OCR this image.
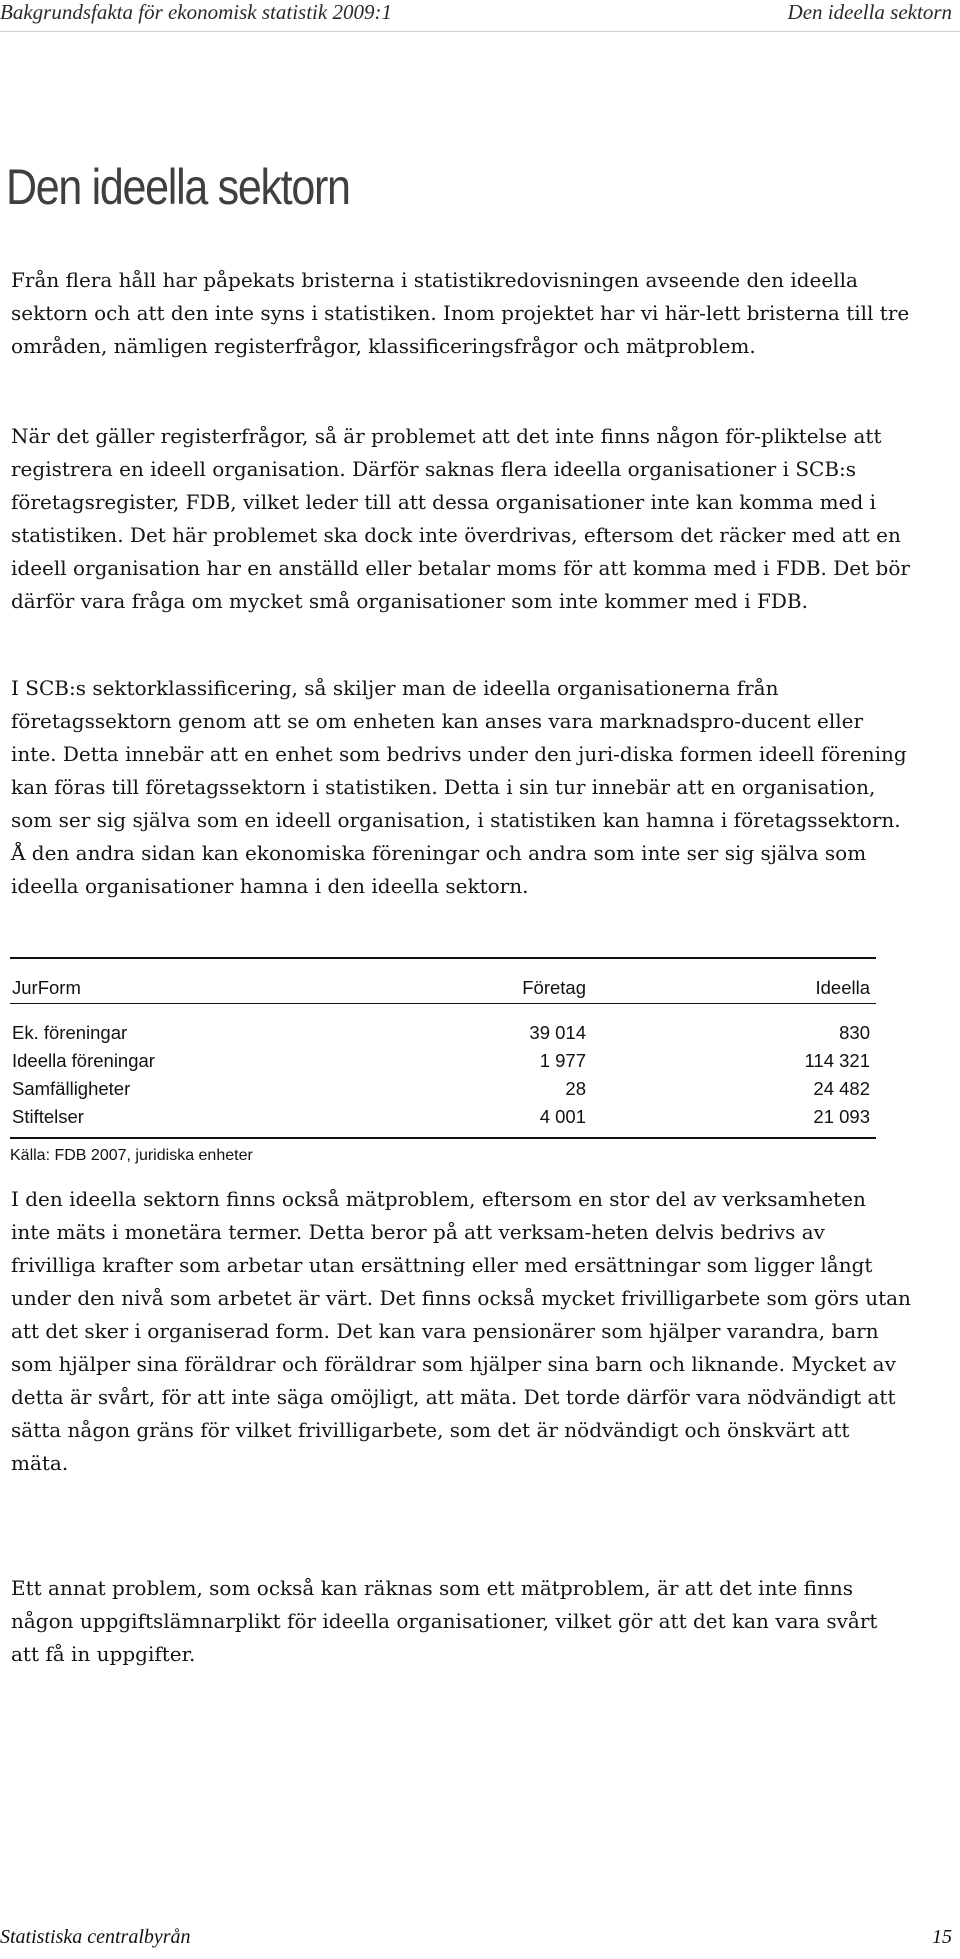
Bakgrundsfakta för ekonomisk statistik 2009:1	Den ideella sektorn
Den ideella sektorn

Från flera håll har påpekats bristerna i statistikredovisningen avseende den ideella sektorn och att den inte syns i statistiken. Inom projektet har vi här-lett bristerna till tre områden, nämligen registerfrågor, klassificeringsfrågor och mätproblem.

När det gäller registerfrågor, så är problemet att det inte finns någon för-pliktelse att registrera en ideell organisation. Därför saknas flera ideella organisationer i SCB:s företagsregister, FDB, vilket leder till att dessa organisationer inte kan komma med i statistiken. Det här problemet ska dock inte överdrivas, eftersom det räcker med att en ideell organisation har en anställd eller betalar moms för att komma med i FDB. Det bör därför vara fråga om mycket små organisationer som inte kommer med i FDB.

I SCB:s sektorklassificering, så skiljer man de ideella organisationerna från företagssektorn genom att se om enheten kan anses vara marknadspro-ducent eller inte. Detta innebär att en enhet som bedrivs under den juri-diska formen ideell förening kan föras till företagssektorn i statistiken. Detta i sin tur innebär att en organisation, som ser sig själva som en ideell organisation, i statistiken kan hamna i företagssektorn. Å den andra sidan kan ekonomiska föreningar och andra som inte ser sig själva som ideella organisationer hamna i den ideella sektorn.

JurForm	Företag	Ideella
Ek. föreningar	39 014	830
Ideella föreningar	1 977	114 321
Samfälligheter	28	24 482
Stiftelser	4 001	21 093
Källa: FDB 2007, juridiska enheter

I den ideella sektorn finns också mätproblem, eftersom en stor del av verksamheten inte mäts i monetära termer. Detta beror på att verksam-heten delvis bedrivs av frivilliga krafter som arbetar utan ersättning eller med ersättningar som ligger långt under den nivå som arbetet är värt. Det finns också mycket frivilligarbete som görs utan att det sker i organiserad form. Det kan vara pensionärer som hjälper varandra, barn som hjälper sina föräldrar och föräldrar som hjälper sina barn och liknande. Mycket av detta är svårt, för att inte säga omöjligt, att mäta. Det torde därför vara nödvändigt att sätta någon gräns för vilket frivilligarbete, som det är nödvändigt och önskvärt att mäta.

Ett annat problem, som också kan räknas som ett mätproblem, är att det inte finns någon uppgiftslämnarplikt för ideella organisationer, vilket gör att det kan vara svårt att få in uppgifter.

Statistiska centralbyrån	15
